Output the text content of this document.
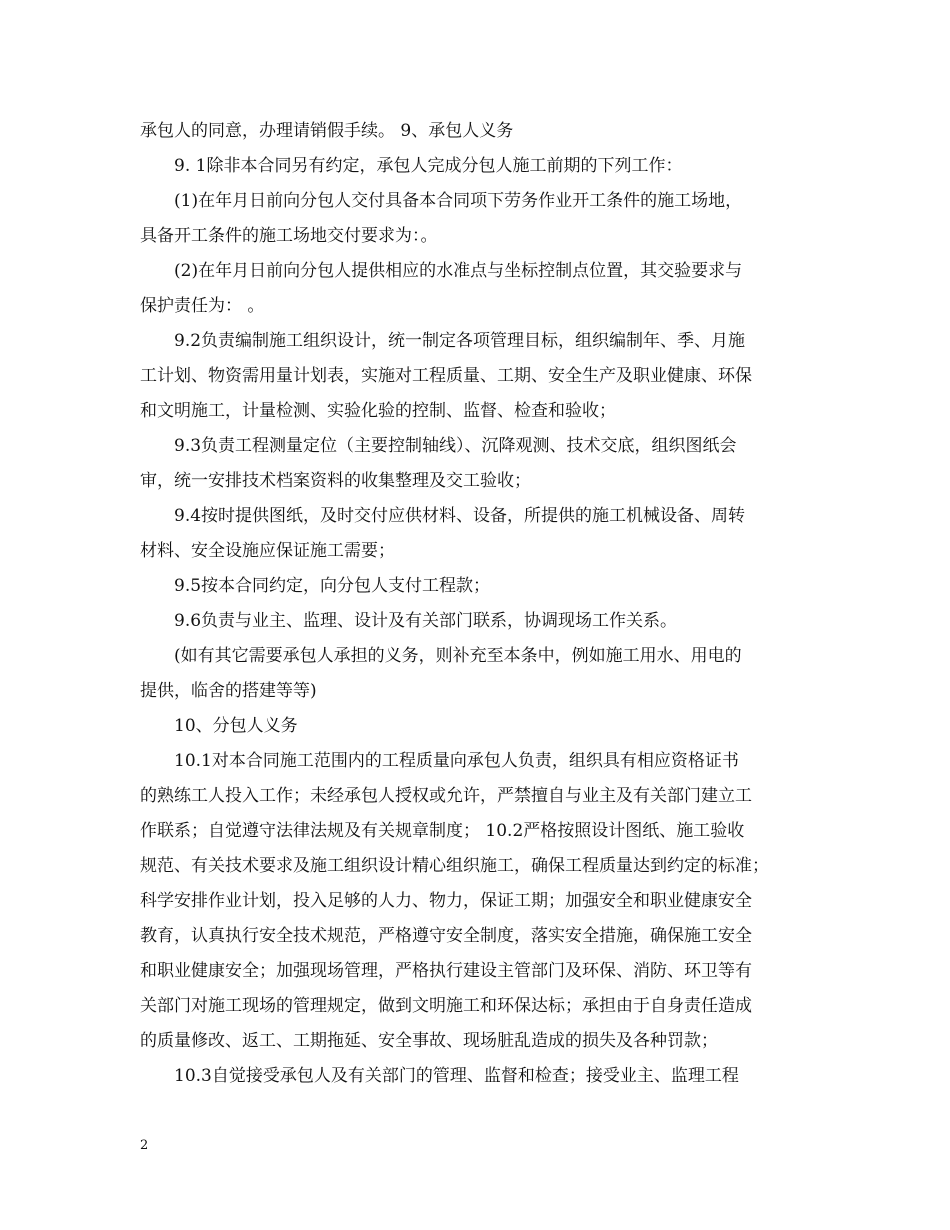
承包人的同意，办理请销假手续。 9、承包人义务
9. 1除非本合同另有约定，承包人完成分包人施工前期的下列工作：
(1)在年月日前向分包人交付具备本合同项下劳务作业开工条件的施工场地，
具备开工条件的施工场地交付要求为：。
(2)在年月日前向分包人提供相应的水准点与坐标控制点位置，其交验要求与
保护责任为： 。
9.2负责编制施工组织设计，统一制定各项管理目标，组织编制年、季、月施
工计划、物资需用量计划表，实施对工程质量、工期、安全生产及职业健康、环保
和文明施工，计量检测、实验化验的控制、监督、检查和验收；
9.3负责工程测量定位（主要控制轴线）、沉降观测、技术交底，组织图纸会
审，统一安排技术档案资料的收集整理及交工验收；
9.4按时提供图纸，及时交付应供材料、设备，所提供的施工机械设备、周转
材料、安全设施应保证施工需要；
9.5按本合同约定，向分包人支付工程款；
9.6负责与业主、监理、设计及有关部门联系，协调现场工作关系。
(如有其它需要承包人承担的义务，则补充至本条中，例如施工用水、用电的
提供，临舍的搭建等等)
10、分包人义务
10.1对本合同施工范围内的工程质量向承包人负责，组织具有相应资格证书
的熟练工人投入工作；未经承包人授权或允许，严禁擅自与业主及有关部门建立工
作联系；自觉遵守法律法规及有关规章制度； 10.2严格按照设计图纸、施工验收
规范、有关技术要求及施工组织设计精心组织施工，确保工程质量达到约定的标准；
科学安排作业计划，投入足够的人力、物力，保证工期；加强安全和职业健康安全
教育，认真执行安全技术规范，严格遵守安全制度，落实安全措施，确保施工安全
和职业健康安全；加强现场管理，严格执行建设主管部门及环保、消防、环卫等有
关部门对施工现场的管理规定，做到文明施工和环保达标；承担由于自身责任造成
的质量修改、返工、工期拖延、安全事故、现场脏乱造成的损失及各种罚款；
10.3自觉接受承包人及有关部门的管理、监督和检查；接受业主、监理工程
2
